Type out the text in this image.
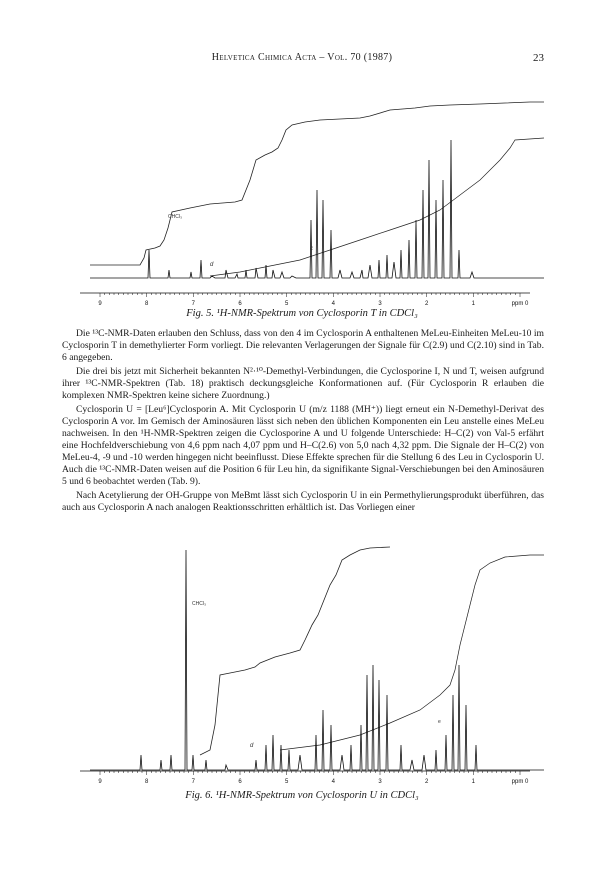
Helvetica Chimica Acta – Vol. 70 (1987)	23
CHCl₃
d
c
9	8	7	6	5	4	3	2	1	ppm 0
Fig. 5. ¹H-NMR-Spektrum von Cyclosporin T in CDCl₃

Die ¹³C-NMR-Daten erlauben den Schluss, dass von den 4 im Cyclosporin A enthaltenen MeLeu-Einheiten MeLeu-10 im Cyclosporin T in demethylierter Form vorliegt. Die relevanten Verlagerungen der Signale für C(2.9) und C(2.10) sind in Tab. 6 angegeben.

Die drei bis jetzt mit Sicherheit bekannten N²·¹⁰-Demethyl-Verbindungen, die Cyclosporine I, N und T, weisen aufgrund ihrer ¹³C-NMR-Spektren (Tab. 18) praktisch deckungsgleiche Konformationen auf. (Für Cyclosporin R erlauben die komplexen NMR-Spektren keine sichere Zuordnung.)

Cyclosporin U = [Leu⁶]Cyclosporin A. Mit Cyclosporin U (m/z 1188 (MH⁺)) liegt erneut ein N-Demethyl-Derivat des Cyclosporin A vor. Im Gemisch der Aminosäuren lässt sich neben den üblichen Komponenten ein Leu anstelle eines MeLeu nachweisen. In den ¹H-NMR-Spektren zeigen die Cyclosporine A und U folgende Unterschiede: H–C(2) von Val-5 erfährt eine Hochfeldverschiebung von 4,6 ppm nach 4,07 ppm und H–C(2.6) von 5,0 nach 4,32 ppm. Die Signale der H–C(2) von MeLeu-4, -9 und -10 werden hingegen nicht beeinflusst. Diese Effekte sprechen für die Stellung 6 des Leu in Cyclosporin U. Auch die ¹³C-NMR-Daten weisen auf die Position 6 für Leu hin, da signifikante Signal-Verschiebungen bei den Aminosäuren 5 und 6 beobachtet werden (Tab. 9).

Nach Acetylierung der OH-Gruppe von MeBmt lässt sich Cyclosporin U in ein Permethylierungsprodukt überführen, das auch aus Cyclosporin A nach analogen Reaktionsschritten erhältlich ist. Das Vorliegen einer

CHCl₃
d
e
9	8	7	6	5	4	3	2	1	ppm 0
Fig. 6. ¹H-NMR-Spektrum von Cyclosporin U in CDCl₃
